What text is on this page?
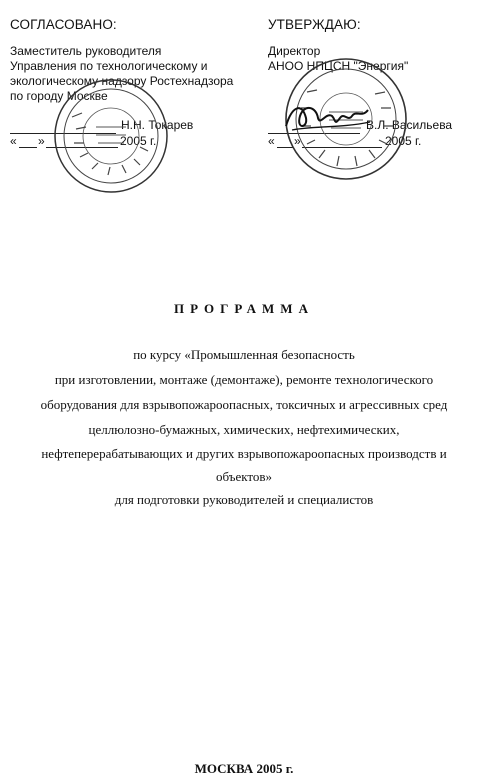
СОГЛАСОВАНО:
Заместитель руководителя
Управления по технологическому и
экологическому надзору Ростехнадзора
по городу Москве
Н.Н. Токарев
« »	2005 г.
УТВЕРЖДАЮ:
Директор
АНОО НПЦСН "Энергия"
В.Л. Васильева
« »	2005 г.
ПРОГРАММА
по курсу «Промышленная безопасность
при изготовлении, монтаже (демонтаже), ремонте технологического
оборудования для взрывопожароопасных, токсичных и агрессивных сред
целлюлозно-бумажных, химических, нефтехимических,
нефтеперерабатывающих и других взрывопожароопасных производств и
объектов»
для подготовки руководителей и специалистов
МОСКВА 2005 г.
